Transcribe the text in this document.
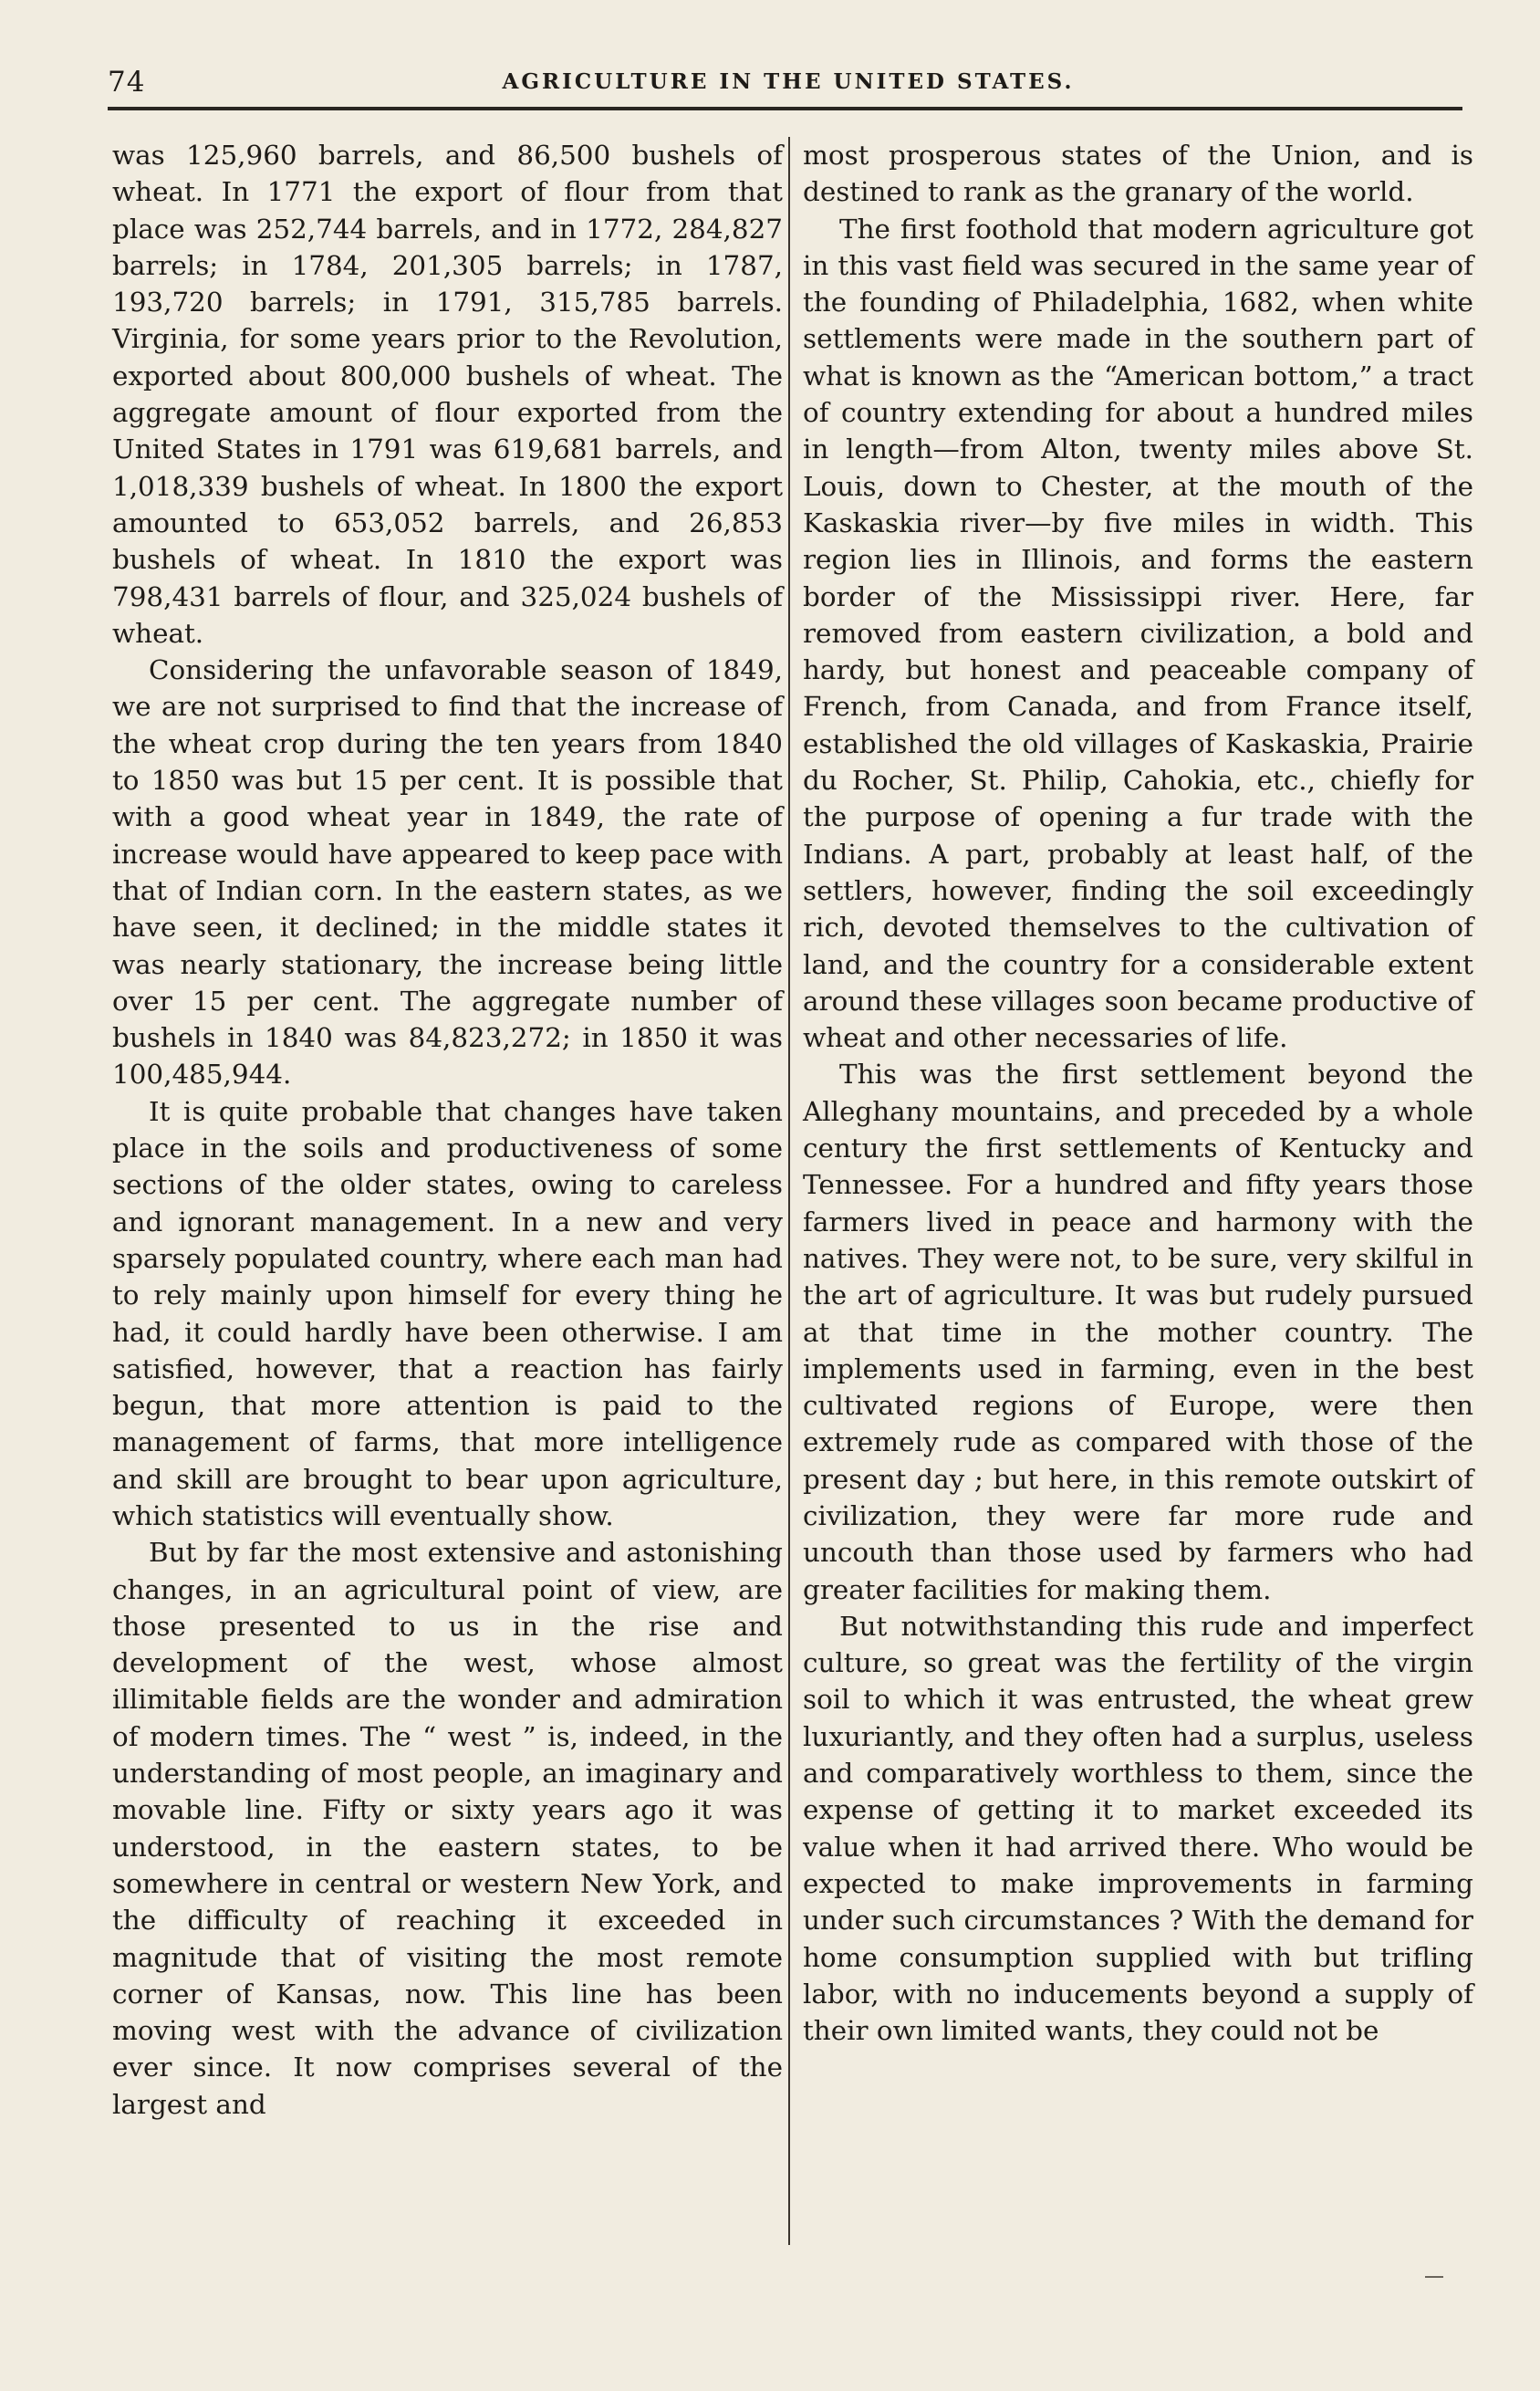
74	AGRICULTURE IN THE UNITED STATES.

was 125,960 barrels, and 86,500 bushels of wheat. In 1771 the export of flour from that place was 252,744 barrels, and in 1772, 284,827 barrels; in 1784, 201,305 barrels; in 1787, 193,720 barrels; in 1791, 315,785 barrels. Virginia, for some years prior to the Revolution, exported about 800,000 bushels of wheat. The aggregate amount of flour exported from the United States in 1791 was 619,681 barrels, and 1,018,339 bushels of wheat. In 1800 the export amounted to 653,052 barrels, and 26,853 bushels of wheat. In 1810 the export was 798,431 barrels of flour, and 325,024 bushels of wheat.

Considering the unfavorable season of 1849, we are not surprised to find that the increase of the wheat crop during the ten years from 1840 to 1850 was but 15 per cent. It is possible that with a good wheat year in 1849, the rate of increase would have appeared to keep pace with that of Indian corn. In the eastern states, as we have seen, it declined; in the middle states it was nearly stationary, the increase being little over 15 per cent. The aggregate number of bushels in 1840 was 84,823,272; in 1850 it was 100,485,944.

It is quite probable that changes have taken place in the soils and productiveness of some sections of the older states, owing to careless and ignorant management. In a new and very sparsely populated country, where each man had to rely mainly upon himself for every thing he had, it could hardly have been otherwise. I am satisfied, however, that a reaction has fairly begun, that more attention is paid to the management of farms, that more intelligence and skill are brought to bear upon agriculture, which statistics will eventually show.

But by far the most extensive and astonishing changes, in an agricultural point of view, are those presented to us in the rise and development of the west, whose almost illimitable fields are the wonder and admiration of modern times. The “ west ” is, indeed, in the understanding of most people, an imaginary and movable line. Fifty or sixty years ago it was understood, in the eastern states, to be somewhere in central or western New York, and the difficulty of reaching it exceeded in magnitude that of visiting the most remote corner of Kansas, now. This line has been moving west with the advance of civilization ever since. It now comprises several of the largest and

most prosperous states of the Union, and is destined to rank as the granary of the world.

The first foothold that modern agriculture got in this vast field was secured in the same year of the founding of Philadelphia, 1682, when white settlements were made in the southern part of what is known as the “American bottom,” a tract of country extending for about a hundred miles in length—from Alton, twenty miles above St. Louis, down to Chester, at the mouth of the Kaskaskia river—by five miles in width. This region lies in Illinois, and forms the eastern border of the Mississippi river. Here, far removed from eastern civilization, a bold and hardy, but honest and peaceable company of French, from Canada, and from France itself, established the old villages of Kaskaskia, Prairie du Rocher, St. Philip, Cahokia, etc., chiefly for the purpose of opening a fur trade with the Indians. A part, probably at least half, of the settlers, however, finding the soil exceedingly rich, devoted themselves to the cultivation of land, and the country for a considerable extent around these villages soon became productive of wheat and other necessaries of life.

This was the first settlement beyond the Alleghany mountains, and preceded by a whole century the first settlements of Kentucky and Tennessee. For a hundred and fifty years those farmers lived in peace and harmony with the natives. They were not, to be sure, very skilful in the art of agriculture. It was but rudely pursued at that time in the mother country. The implements used in farming, even in the best cultivated regions of Europe, were then extremely rude as compared with those of the present day ; but here, in this remote outskirt of civilization, they were far more rude and uncouth than those used by farmers who had greater facilities for making them.

But notwithstanding this rude and imperfect culture, so great was the fertility of the virgin soil to which it was entrusted, the wheat grew luxuriantly, and they often had a surplus, useless and comparatively worthless to them, since the expense of getting it to market exceeded its value when it had arrived there. Who would be expected to make improvements in farming under such circumstances ? With the demand for home consumption supplied with but trifling labor, with no inducements beyond a supply of their own limited wants, they could not be
